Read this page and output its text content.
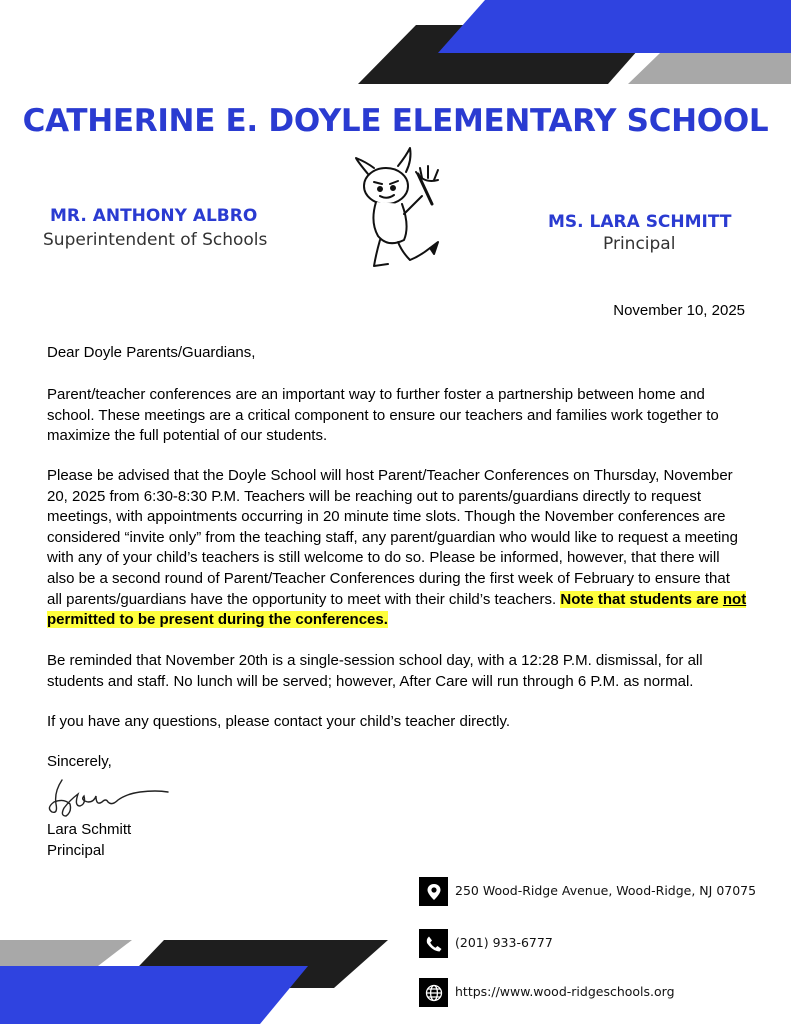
CATHERINE E. DOYLE ELEMENTARY SCHOOL
MR. ANTHONY ALBRO
Superintendent of Schools
MS. LARA SCHMITT
Principal
November 10, 2025
Dear Doyle Parents/Guardians,

Parent/teacher conferences are an important way to further foster a partnership between home and school. These meetings are a critical component to ensure our teachers and families work together to maximize the full potential of our students.

Please be advised that the Doyle School will host Parent/Teacher Conferences on Thursday, November 20, 2025 from 6:30-8:30 P.M. Teachers will be reaching out to parents/guardians directly to request meetings, with appointments occurring in 20 minute time slots. Though the November conferences are considered “invite only” from the teaching staff, any parent/guardian who would like to request a meeting with any of your child’s teachers is still welcome to do so. Please be informed, however, that there will also be a second round of Parent/Teacher Conferences during the first week of February to ensure that all parents/guardians have the opportunity to meet with their child’s teachers. Note that students are not permitted to be present during the conferences.

Be reminded that November 20th is a single-session school day, with a 12:28 P.M. dismissal, for all students and staff. No lunch will be served; however, After Care will run through 6 P.M. as normal.

If you have any questions, please contact your child’s teacher directly.

Sincerely,
Lara Schmitt
Principal
250 Wood-Ridge Avenue, Wood-Ridge, NJ 07075
(201) 933-6777
https://www.wood-ridgeschools.org
